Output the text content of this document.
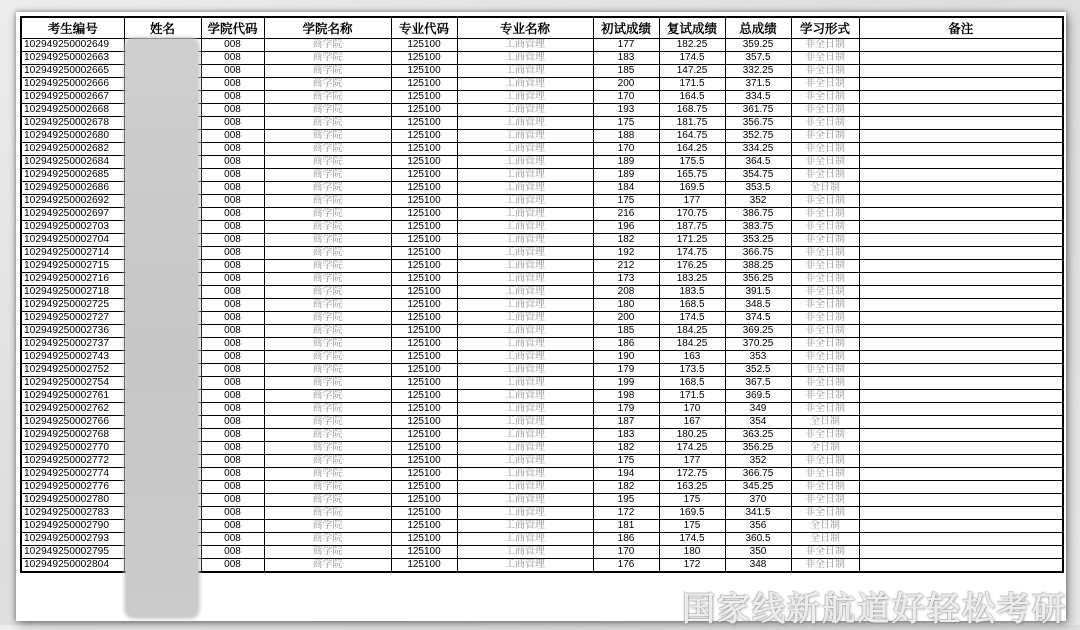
考生编号	姓名	学院代码	学院名称	专业代码	专业名称	初试成绩	复试成绩	总成绩	学习形式	备注
102949250002649		008	商学院	125100	工商管理	177	182.25	359.25	非全日制	
102949250002663		008	商学院	125100	工商管理	183	174.5	357.5	非全日制	
102949250002665		008	商学院	125100	工商管理	185	147.25	332.25	非全日制	
102949250002666		008	商学院	125100	工商管理	200	171.5	371.5	非全日制	
102949250002667		008	商学院	125100	工商管理	170	164.5	334.5	非全日制	
102949250002668		008	商学院	125100	工商管理	193	168.75	361.75	非全日制	
102949250002678		008	商学院	125100	工商管理	175	181.75	356.75	非全日制	
102949250002680		008	商学院	125100	工商管理	188	164.75	352.75	非全日制	
102949250002682		008	商学院	125100	工商管理	170	164.25	334.25	非全日制	
102949250002684		008	商学院	125100	工商管理	189	175.5	364.5	非全日制	
102949250002685		008	商学院	125100	工商管理	189	165.75	354.75	非全日制	
102949250002686		008	商学院	125100	工商管理	184	169.5	353.5	全日制	
102949250002692		008	商学院	125100	工商管理	175	177	352	非全日制	
102949250002697		008	商学院	125100	工商管理	216	170.75	386.75	非全日制	
102949250002703		008	商学院	125100	工商管理	196	187.75	383.75	非全日制	
102949250002704		008	商学院	125100	工商管理	182	171.25	353.25	非全日制	
102949250002714		008	商学院	125100	工商管理	192	174.75	366.75	非全日制	
102949250002715		008	商学院	125100	工商管理	212	176.25	388.25	非全日制	
102949250002716		008	商学院	125100	工商管理	173	183.25	356.25	非全日制	
102949250002718		008	商学院	125100	工商管理	208	183.5	391.5	非全日制	
102949250002725		008	商学院	125100	工商管理	180	168.5	348.5	非全日制	
102949250002727		008	商学院	125100	工商管理	200	174.5	374.5	非全日制	
102949250002736		008	商学院	125100	工商管理	185	184.25	369.25	非全日制	
102949250002737		008	商学院	125100	工商管理	186	184.25	370.25	非全日制	
102949250002743		008	商学院	125100	工商管理	190	163	353	非全日制	
102949250002752		008	商学院	125100	工商管理	179	173.5	352.5	非全日制	
102949250002754		008	商学院	125100	工商管理	199	168.5	367.5	非全日制	
102949250002761		008	商学院	125100	工商管理	198	171.5	369.5	非全日制	
102949250002762		008	商学院	125100	工商管理	179	170	349	非全日制	
102949250002766		008	商学院	125100	工商管理	187	167	354	全日制	
102949250002768		008	商学院	125100	工商管理	183	180.25	363.25	非全日制	
102949250002770		008	商学院	125100	工商管理	182	174.25	356.25	全日制	
102949250002772		008	商学院	125100	工商管理	175	177	352	非全日制	
102949250002774		008	商学院	125100	工商管理	194	172.75	366.75	非全日制	
102949250002776		008	商学院	125100	工商管理	182	163.25	345.25	非全日制	
102949250002780		008	商学院	125100	工商管理	195	175	370	非全日制	
102949250002783		008	商学院	125100	工商管理	172	169.5	341.5	非全日制	
102949250002790		008	商学院	125100	工商管理	181	175	356	全日制	
102949250002793		008	商学院	125100	工商管理	186	174.5	360.5	全日制	
102949250002795		008	商学院	125100	工商管理	170	180	350	非全日制	
102949250002804		008	商学院	125100	工商管理	176	172	348	非全日制	
国家线新航道好轻松考研
